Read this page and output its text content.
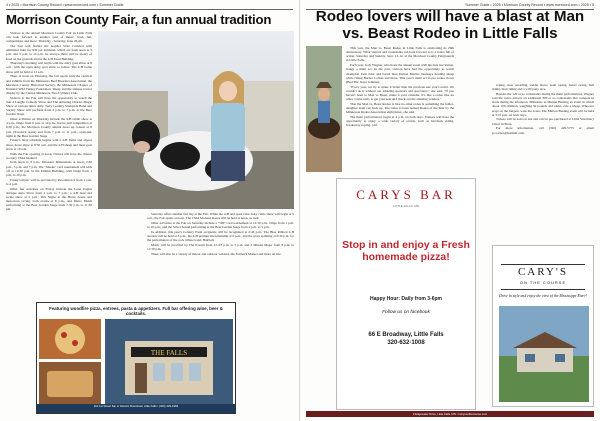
4 • 2025 • Morrison County Record • www.mcrecord.com • Summer Guide
Morrison County Fair, a fun annual tradition

Visitors to the annual Morrison County Fair in Little Falls can look forward to another year of music, food, fun, competitions and more. Thursday - Saturday, June 26-29.

The Fair will feature the Gopher State Carnival with unlimited rides for $30 per armband, which are from noon to 5 p.m. and 5 p.m. to 10 p.m. As always, there will be plenty of food on the grounds and in the 4-H Food Building.

Thursday's morning will begin with the dairy goat show at 8 a.m., with the open dairy goat show to follow. The 4-H swine show will be held at 11 a.m.

Then, at noon on Thursday, the fair opens with the carnival and exhibits from the Minnesota Beef Breeders Association, the Morrison County Historical Society, the Minnesota Chapter of National Wild Turkey Federation. Sheep and the antique tractor display by the Central Minnesota Two-Cylinder Club.

Visitors to the Fair will have the opportunity to watch the Sun 4 Laughs Comedy Show and The Amazing Charles Magic Show at various times daily. Terry Country Stampede Band and Variety Show will perform from 4 p.m. to 7 p.m. at the Beer Garden Stage.

Other activities on Thursday include the 4-H rabbit show at 4 p.m., bingo from 6 p.m. to 10 p.m., tractor pull competition at 6:30 p.m.; the Morrison County animal dress up contest at 8 p.m. (livestock arena) and from 7 p.m. to 11 p.m., open-mic night at the Beer Garden Stage.

Friday's busy schedule begins with a 4-H llama and alpaca show, horse show at 8:30 a.m. and the 4-H sheep and meat goat show at 10 a.m.

Walk the Fair opening at noon, visitors will have the chance to enjoy CMA talented

from noon to 8 p.m., Dinosaur Dimensions at noon, 2:30 p.m., 5 p.m. and 7 p.m. The "Smoke" card tournament will kick off at 12:30 p.m. in the Exhibit Building, with bingo from 1 p.m. to 10 p.m.

Friday's music will be provided by Revolution 9 from 1 p.m. to 4 p.m.

Other fun activities on Friday include the Lone Eagles Antique Auto Show from 2 p.m. to 7 p.m.; a 4-H beef and swine show at 5 p.m.; Tim Nigbo at the Horse Arena and motocross racing, both events at 8 p.m., and Metro Finish performing at the Beer Garden Stage from 7:30 p.m. to 11:30 pm.

Saturday offers another fun day at the Fair. While the 4-H and open class dairy cattle show will begin at 9 a.m., the Fair opens at noon. The CMA Monster Races will be held at noon, as well.

Other activities at the Fair on Saturday include a "500" card tournament at 12:30 p.m., bingo from 1 p.m. to 10 p.m., and the Silver Sound performing at the Beer Garden Stage from 2 p.m. to 5 p.m.

In addition, this year's Century Farm recipients will be recognized at 2:45 p.m.. The Blue Ribbon 4-H auction will be held at 3 p.m., the 4-H premier showmanship at 6 p.m., and the grass spinning at 6:30 p.m. for the performance of the rock tribute band, Hairball.

Music will be provided by The Krearn from 12-4:5 p.m. to 5 p.m. and 5 Minute Major from 8 p.m. to 11:30 p.m.

There will also be a variety of indoor and outdoor vendors, the Farmer's Market and more on site.

Featuring woodfire pizza, entrees, pasta & appetizers. Full bar offering wine, beer & cocktails.
THE FALLS
112 1st Street SE, in Historic Downtown Little Falls • (320) 429-1984
Summer Guide • 2025 • Morrison County Record • www.mcrecord.com • 2025 • 5
Rodeo lovers will have a blast at Man vs. Beast Rodeo in Little Falls

This year, the Man vs. Beast Rodeo in Little Falls is celebrating its 29th anniversary. What visitors and contestants can look forward to is a rodeo full of action, Saturday and Sunday, Sept. 13-14, at the Morrison County Fairgrounds in Little Falls.

Each year, Jody Wagner, who hosts the annual event with his dad, Joe Varner, brings a main act. In the past, visitors have had the opportunity to watch champion trick rider and barrel man Dalton Martin, monkeys herding sheep while riding Border Collies and more. This year's main act to pro rodeo clown (Bud The Jester Jenkins).

"Every year, we try to make it better than the previous one year's event. We couldn't do it without our amazing sponsors and spectators," she said. "If you haven't been to Man vs Beast, make it your calendar. It's like a rodeo like no other. Come early to get your seat and check out the amazing vendors."

That the Man vs. Beast Rodeo is like no other rodeo is something the father-daughter team can back up. The rodeo is been named Rodeo of the Year by the Minnesota Rodeo Association eight times, she said.

The main performances begin at 4 p.m. on both days. Visitors will have the opportunity to enjoy a wide variety of events, such as bareback riding, breakaway roping, calf

roping, steer wrestling, saddle bronc, team roping, barrel racing, bull riding, mutt riding and a wild pony race.

Besides the 120 or so contestants during the main performances, Wagner said the rodeo attracts an additional 300 or so contestants that compete in slack during the afternoon. Miniature to Mutton Busting an event in which about 100 children, weighing 50 pounds and under, ride a sheep. Whoever stays on the longest, wins the event. The Mutton Busting event will be held at 3:15 p.m. on both days.

Tickets will be sold on site and can be pre-purchased at Little Veterinary Clinic in Pierz.

For more information, call (320) 429-5775 or email jo.varner@hotmail.com.

CARYS BAR
LITTLE FALLS, MN
Stop in and enjoy a Fresh homemade pizza!
Happy Hour: Daily from 3-6pm
Follow us on facebook
66 E Broadway, Little Falls
320-632-1008
CARY'S
ON THE COURSE
Drive in style and enjoy the view of the Mississippi River!
3 Edgewater Drive, Little Falls, MN • Carysonthecourse.com
